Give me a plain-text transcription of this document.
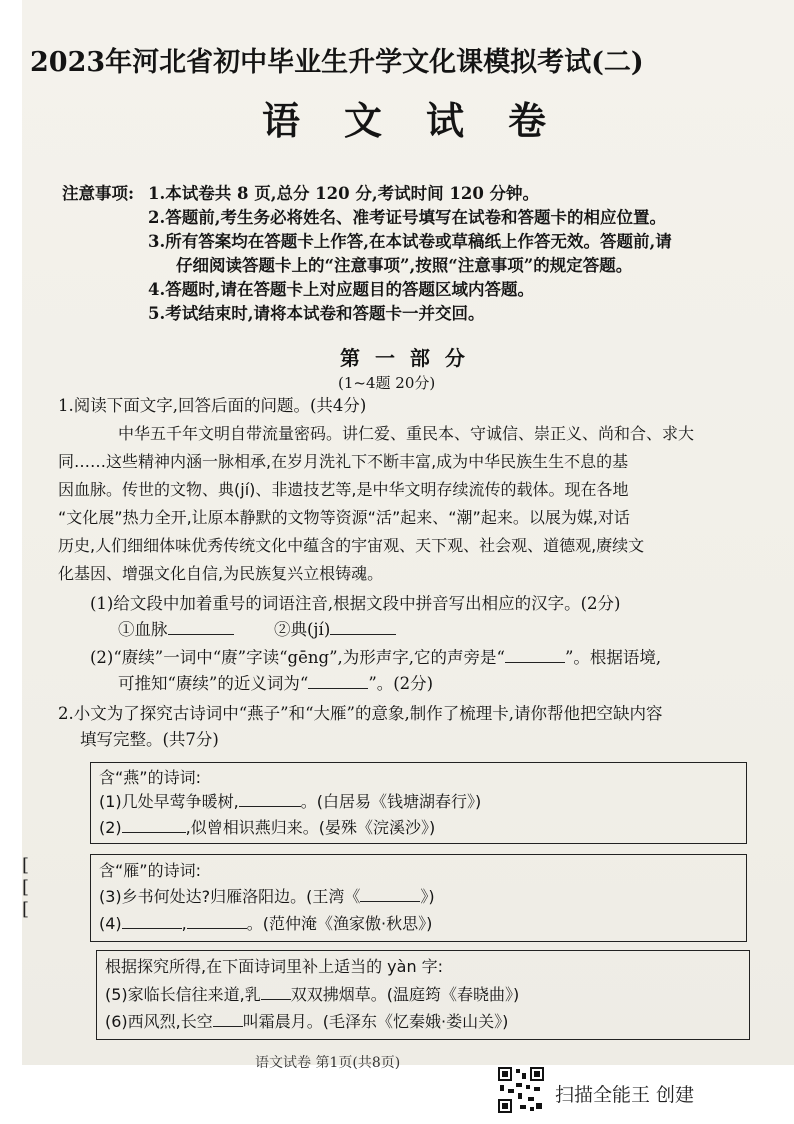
2023年河北省初中毕业生升学文化课模拟考试(二)
语 文 试 卷
注意事项: 1.本试卷共 8 页,总分 120 分,考试时间 120 分钟。
2.答题前,考生务必将姓名、准考证号填写在试卷和答题卡的相应位置。
3.所有答案均在答题卡上作答,在本试卷或草稿纸上作答无效。答题前,请
仔细阅读答题卡上的“注意事项”,按照“注意事项”的规定答题。
4.答题时,请在答题卡上对应题目的答题区域内答题。
5.考试结束时,请将本试卷和答题卡一并交回。
第 一 部 分
(1~4题 20分)
1.阅读下面文字,回答后面的问题。(共4分)
中华五千年文明自带流量密码。讲仁爱、重民本、守诚信、崇正义、尚和合、求大
同……这些精神内涵一脉相承,在岁月洗礼下不断丰富,成为中华民族生生不息的基
因血脉。传世的文物、典(jí)、非遗技艺等,是中华文明存续流传的载体。现在各地
“文化展”热力全开,让原本静默的文物等资源“活”起来、“潮”起来。以展为媒,对话
历史,人们细细体味优秀传统文化中蕴含的宇宙观、天下观、社会观、道德观,赓续文
化基因、增强文化自信,为民族复兴立根铸魂。
(1)给文段中加着重号的词语注音,根据文段中拼音写出相应的汉字。(2分)
①血脉	②典(jí)
(2)“赓续”一词中“赓”字读“gēng”,为形声字,它的声旁是“	”。根据语境,
可推知“赓续”的近义词为“	”。(2分)
2.小文为了探究古诗词中“燕子”和“大雁”的意象,制作了梳理卡,请你帮他把空缺内容
填写完整。(共7分)
含“燕”的诗词:
(1)几处早莺争暖树,	。(白居易《钱塘湖春行》)
(2)	,似曾相识燕归来。(晏殊《浣溪沙》)
含“雁”的诗词:
(3)乡书何处达?归雁洛阳边。(王湾《	》)
(4)	,	。(范仲淹《渔家傲·秋思》)
根据探究所得,在下面诗词里补上适当的 yàn 字:
(5)家临长信往来道,乳 双双拂烟草。(温庭筠《春晓曲》)
(6)西风烈,长空 叫霜晨月。(毛泽东《忆秦娥·娄山关》)
[
[
[
语文试卷 第1页(共8页)
扫描全能王 创建
